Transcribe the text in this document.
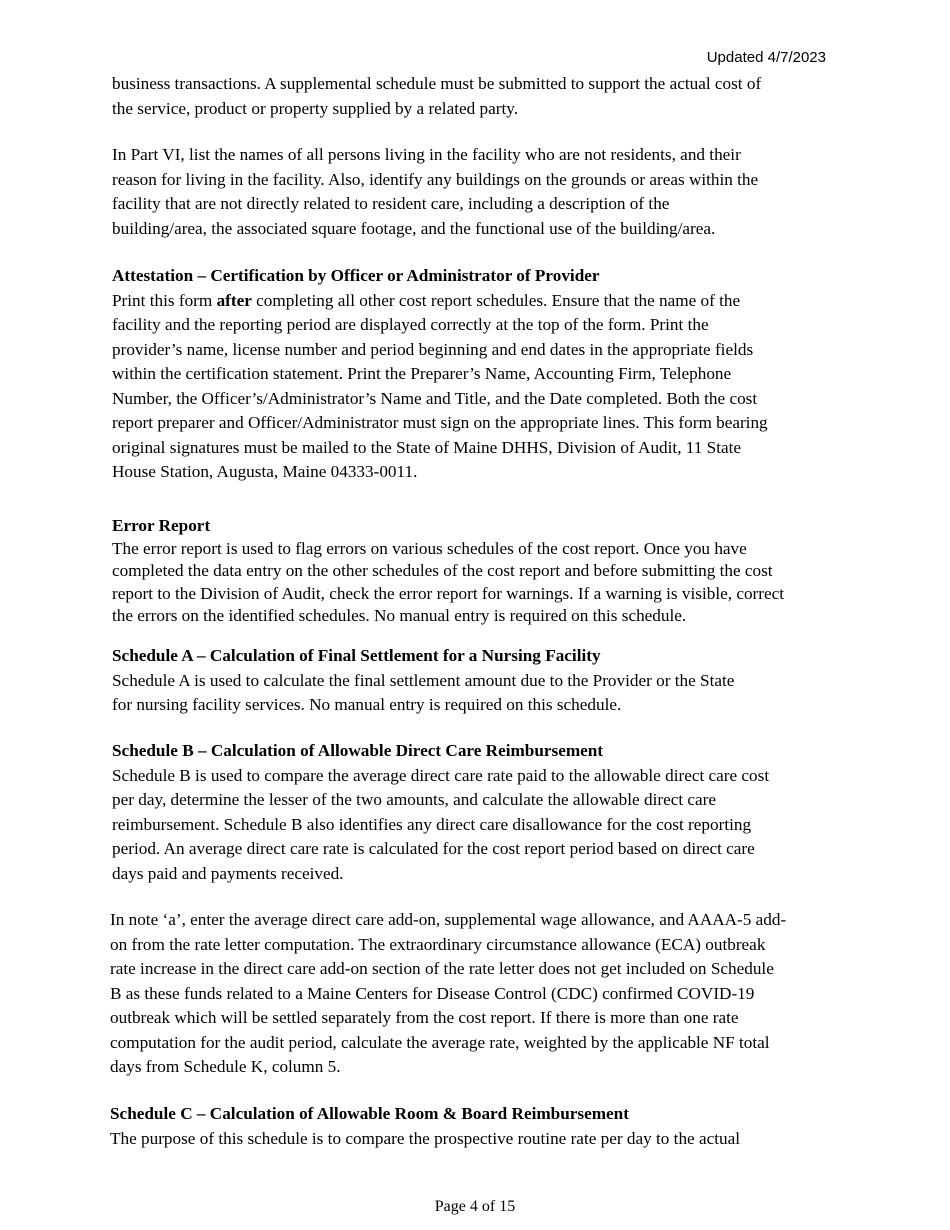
Updated 4/7/2023

business transactions. A supplemental schedule must be submitted to support the actual cost of
the service, product or property supplied by a related party.

In Part VI, list the names of all persons living in the facility who are not residents, and their
reason for living in the facility. Also, identify any buildings on the grounds or areas within the
facility that are not directly related to resident care, including a description of the
building/area, the associated square footage, and the functional use of the building/area.

Attestation – Certification by Officer or Administrator of Provider
Print this form after completing all other cost report schedules. Ensure that the name of the
facility and the reporting period are displayed correctly at the top of the form. Print the
provider’s name, license number and period beginning and end dates in the appropriate fields
within the certification statement. Print the Preparer’s Name, Accounting Firm, Telephone
Number, the Officer’s/Administrator’s Name and Title, and the Date completed. Both the cost
report preparer and Officer/Administrator must sign on the appropriate lines. This form bearing
original signatures must be mailed to the State of Maine DHHS, Division of Audit, 11 State
House Station, Augusta, Maine 04333-0011.

Error Report
The error report is used to flag errors on various schedules of the cost report. Once you have
completed the data entry on the other schedules of the cost report and before submitting the cost
report to the Division of Audit, check the error report for warnings. If a warning is visible, correct
the errors on the identified schedules. No manual entry is required on this schedule.

Schedule A – Calculation of Final Settlement for a Nursing Facility
Schedule A is used to calculate the final settlement amount due to the Provider or the State
for nursing facility services. No manual entry is required on this schedule.

Schedule B – Calculation of Allowable Direct Care Reimbursement
Schedule B is used to compare the average direct care rate paid to the allowable direct care cost
per day, determine the lesser of the two amounts, and calculate the allowable direct care
reimbursement. Schedule B also identifies any direct care disallowance for the cost reporting
period. An average direct care rate is calculated for the cost report period based on direct care
days paid and payments received.

In note ‘a’, enter the average direct care add-on, supplemental wage allowance, and AAAA-5 add-
on from the rate letter computation. The extraordinary circumstance allowance (ECA) outbreak
rate increase in the direct care add-on section of the rate letter does not get included on Schedule
B as these funds related to a Maine Centers for Disease Control (CDC) confirmed COVID-19
outbreak which will be settled separately from the cost report. If there is more than one rate
computation for the audit period, calculate the average rate, weighted by the applicable NF total
days from Schedule K, column 5.

Schedule C – Calculation of Allowable Room & Board Reimbursement
The purpose of this schedule is to compare the prospective routine rate per day to the actual

Page 4 of 15
